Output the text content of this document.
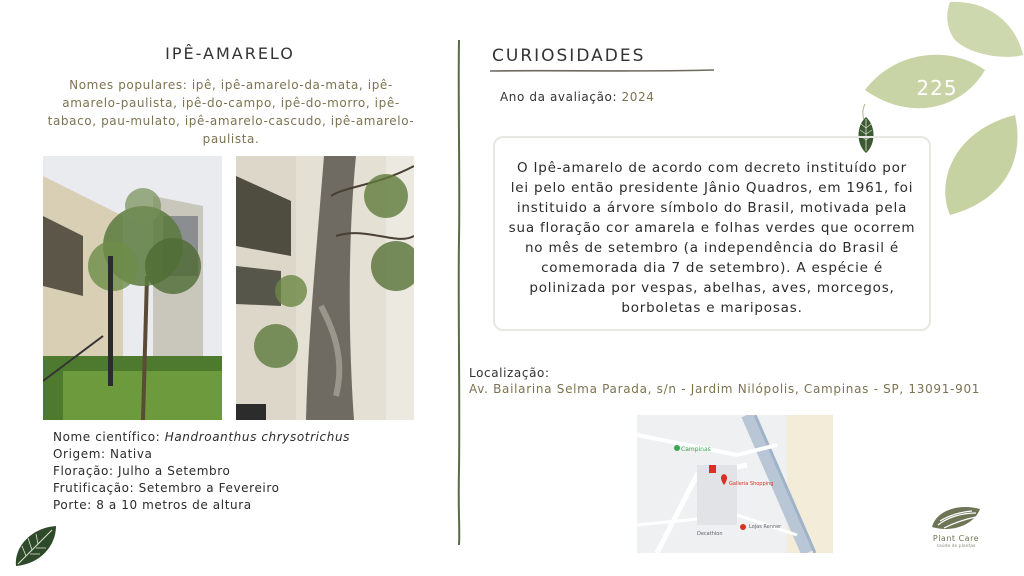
225
IPÊ-AMARELO
Nomes populares: ipê, ipê-amarelo-da-mata, ipê-amarelo-paulista, ipê-do-campo, ipê-do-morro, ipê-tabaco, pau-mulato, ipê-amarelo-cascudo, ipê-amarelo-paulista.
Nome científico: Handroanthus chrysotrichus
Origem: Nativa
Floração: Julho a Setembro
Frutificação: Setembro a Fevereiro
Porte: 8 a 10 metros de altura
CURIOSIDADES
Ano da avaliação: 2024
O Ipê-amarelo de acordo com decreto instituído por lei pelo então presidente Jânio Quadros, em 1961, foi instituido a árvore símbolo do Brasil, motivada pela sua floração cor amarela e folhas verdes que ocorrem no mês de setembro (a independência do Brasil é comemorada dia 7 de setembro). A espécie é polinizada por vespas, abelhas, aves, morcegos, borboletas e mariposas.
Localização:
Av. Bailarina Selma Parada, s/n - Jardim Nilópolis, Campinas - SP, 13091-901
Campinas
Galleria Shopping
Lojas Renner
Decathlon	Plant Care
saúde de plantas
